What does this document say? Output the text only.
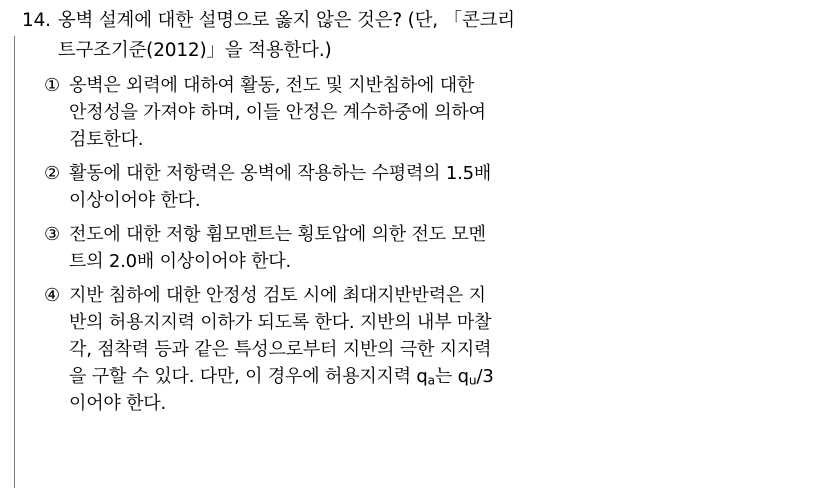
14. 옹벽 설계에 대한 설명으로 옳지 않은 것은? (단, 「콘크리
트구조기준(2012)」을 적용한다.)
① 옹벽은 외력에 대하여 활동, 전도 및 지반침하에 대한
안정성을 가져야 하며, 이들 안정은 계수하중에 의하여
검토한다.
② 활동에 대한 저항력은 옹벽에 작용하는 수평력의 1.5배
이상이어야 한다.
③ 전도에 대한 저항 휨모멘트는 횡토압에 의한 전도 모멘
트의 2.0배 이상이어야 한다.
④ 지반 침하에 대한 안정성 검토 시에 최대지반반력은 지
반의 허용지지력 이하가 되도록 한다. 지반의 내부 마찰
각, 점착력 등과 같은 특성으로부터 지반의 극한 지지력
을 구할 수 있다. 다만, 이 경우에 허용지지력 $q_a$는 $q_u/3$
이어야 한다.
